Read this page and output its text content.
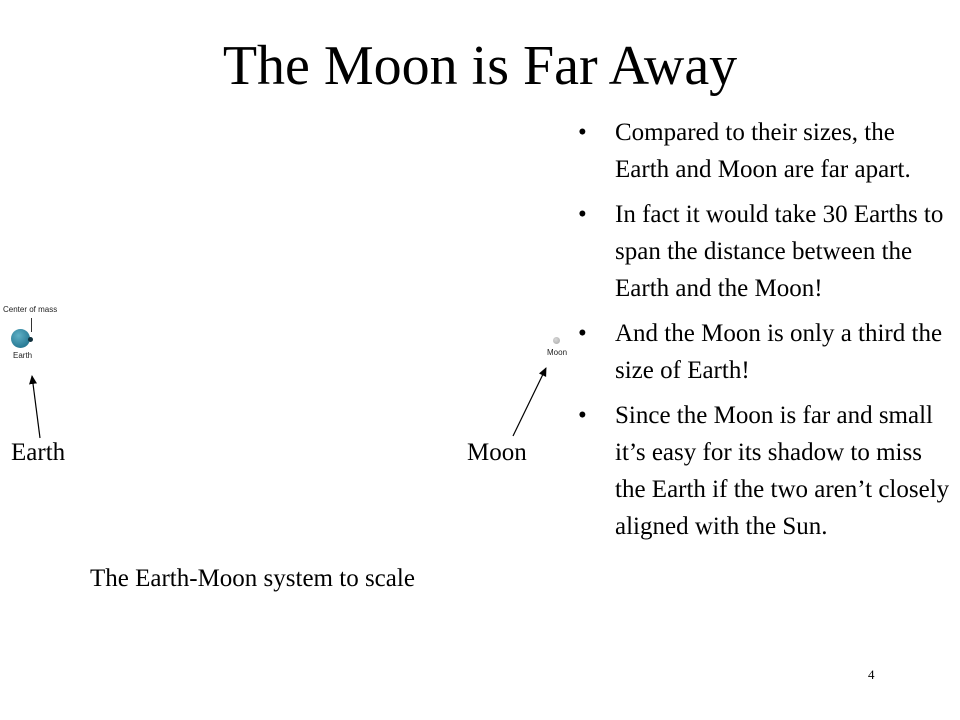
The Moon is Far Away
• Compared to their sizes, the Earth and Moon are far apart.
• In fact it would take 30 Earths to span the distance between the Earth and the Moon!
• And the Moon is only a third the size of Earth!
• Since the Moon is far and small it’s easy for its shadow to miss the Earth if the two aren’t closely aligned with the Sun.
Center of mass
Earth	Moon
Earth	Moon
The Earth-Moon system to scale
4
